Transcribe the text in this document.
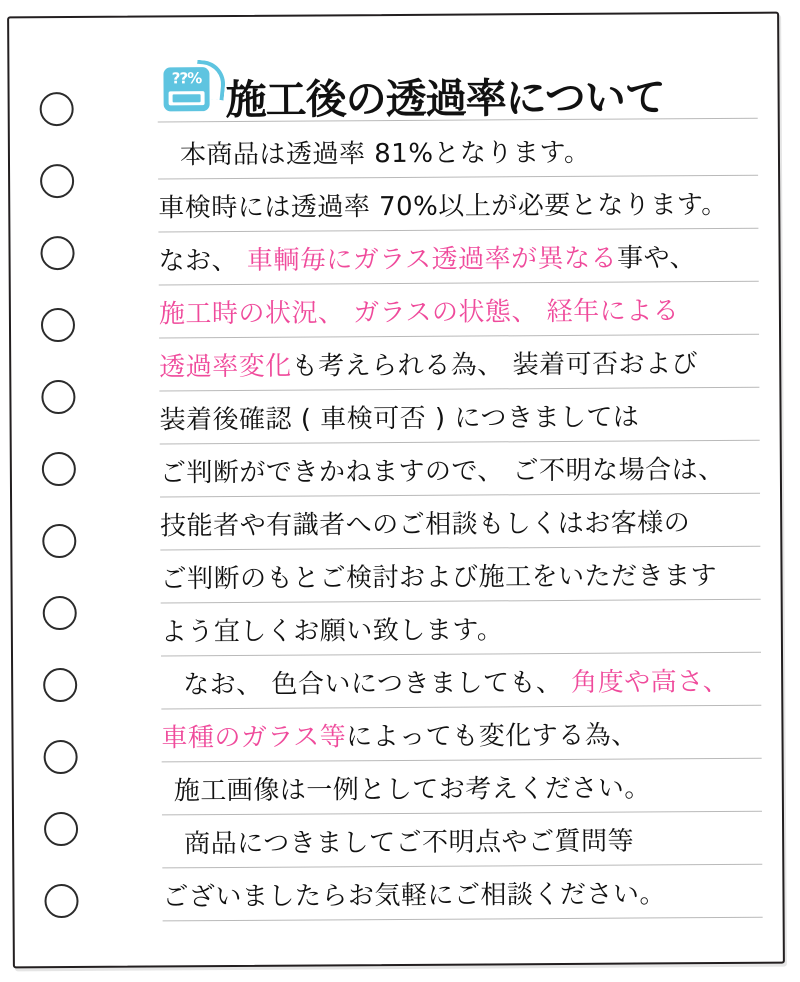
??% 施工後の透過率について
本商品は透過率 81%となります。
車検時には透過率 70%以上が必要となります。
なお、 車輌毎にガラス透過率が異なる事や、
施工時の状況、 ガラスの状態、 経年による
透過率変化も考えられる為、 装着可否および
装着後確認 ( 車検可否 ) につきましては
ご判断ができかねますので、 ご不明な場合は、
技能者や有識者へのご相談もしくはお客様の
ご判断のもとご検討および施工をいただきます
よう宜しくお願い致します。
なお、 色合いにつきましても、 角度や高さ、
車種のガラス等によっても変化する為、
施工画像は一例としてお考えください。
商品につきましてご不明点やご質問等
ございましたらお気軽にご相談ください。
